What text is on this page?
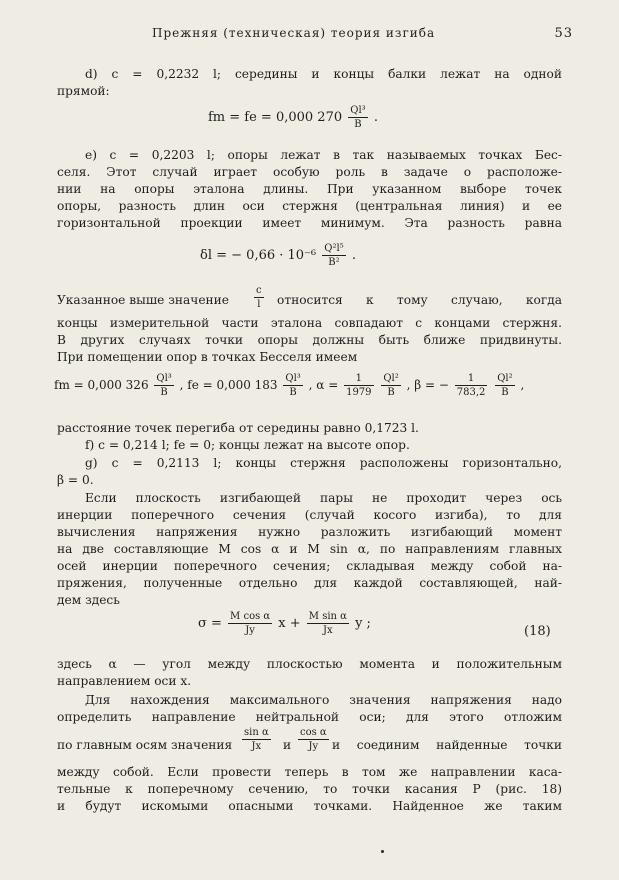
Прежняя (техническая) теория изгиба	53
d) c = 0,2232 l; середины и концы балки лежат на одной
прямой:
fm = fe = 0,000 $270 \frac{\text{Ql³}}{B}$ .
e) c = 0,2203 l; опоры лежат в так называемых точках Бес-
селя. Этот случай играет особую роль в задаче о расположе-
нии на опоры эталона длины. При указанном выборе точек
опоры, разность длин оси стержня (центральная линия) и ее
горизонтальной проекции имеет минимум. Эта разность равна
δl = − $0,66 \cdot 10^{-6} \frac{\text{Q²l⁵}}{\text{B²}}$ .
Указанное выше значение	$\frac{c}{l}$ относится к тому случаю, когда
концы измерительной части эталона совпадают с концами стержня.
В других случаях точки опоры должны быть ближе придвинуты.
При помещении опор в точках Бесселя имеем
fm = 0,000 $326 \frac{\text{Ql³}}{B}$ , fe = 0,000 $183 \frac{\text{Ql³}}{B}$ , $\alpha = \frac{1}{1979}$
$\frac{\text{Ql²}}{B}$ , β = − $\frac{1}{783,2}$
$\frac{\text{Ql²}}{B}$ ,
расстояние точек перегиба от середины равно 0,1723 l.
f) c = 0,214 l; fe = 0; концы лежат на высоте опор.
g) c = 0,2113 l; концы стержня расположены горизонтально,
β = 0.
Если плоскость изгибающей пары не проходит через ось
инерции поперечного сечения (случай косого изгиба), то для
вычисления напряжения нужно разложить изгибающий момент
на две составляющие M cos α и M sin α, по направлениям главных
осей инерции поперечного сечения; складывая между собой на-
пряжения, полученные отдельно для каждой составляющей, най-
дем здесь
$\sigma = \frac{\text{M cos α}}{Jy}$ $x + \frac{\text{M sin α}}{Jx}$ y ;
(18)
здесь α — угол между плоскостью момента и положительным
направлением оси x.
Для нахождения максимального значения напряжения надо
определить направление нейтральной оси; для этого отложим
по главным осям значения $\frac{\text{sin α}}{Jx}$ и $\frac{\text{cos α}}{Jy}$ и соединим найденные точки
между собой. Если провести теперь в том же направлении каса-
тельные к поперечному сечению, то точки касания P (рис. 18)
и будут искомыми опасными точками. Найденное же таким
